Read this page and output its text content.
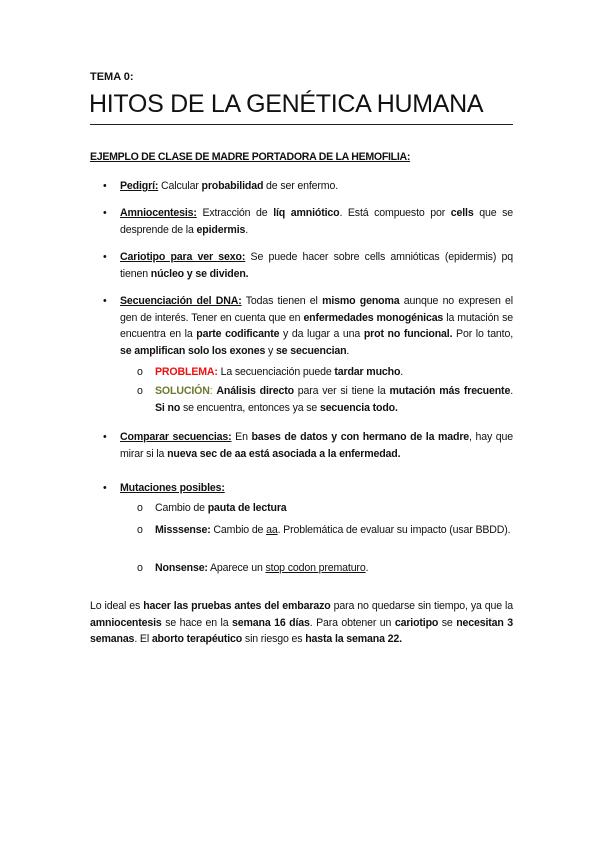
TEMA 0:
HITOS DE LA GENÉTICA HUMANA
EJEMPLO DE CLASE DE MADRE PORTADORA DE LA HEMOFILIA:
• Pedigrí: Calcular probabilidad de ser enfermo.
• Amniocentesis: Extracción de líq amniótico. Está compuesto por cells que se desprende de la epidermis.
• Cariotipo para ver sexo: Se puede hacer sobre cells amnióticas (epidermis) pq tienen núcleo y se dividen.
• Secuenciación del DNA: Todas tienen el mismo genoma aunque no expresen el gen de interés. Tener en cuenta que en enfermedades monogénicas la mutación se encuentra en la parte codificante y da lugar a una prot no funcional. Por lo tanto, se amplifican solo los exones y se secuencian.
o PROBLEMA: La secuenciación puede tardar mucho.
o SOLUCIÓN: Análisis directo para ver si tiene la mutación más frecuente. Si no se encuentra, entonces ya se secuencia todo.
• Comparar secuencias: En bases de datos y con hermano de la madre, hay que mirar si la nueva sec de aa está asociada a la enfermedad.
• Mutaciones posibles:
o Cambio de pauta de lectura
o Misssense: Cambio de aa. Problemática de evaluar su impacto (usar BBDD).
o Nonsense: Aparece un stop codon prematuro.
Lo ideal es hacer las pruebas antes del embarazo para no quedarse sin tiempo, ya que la amniocentesis se hace en la semana 16 días. Para obtener un cariotipo se necesitan 3 semanas. El aborto terapéutico sin riesgo es hasta la semana 22.
